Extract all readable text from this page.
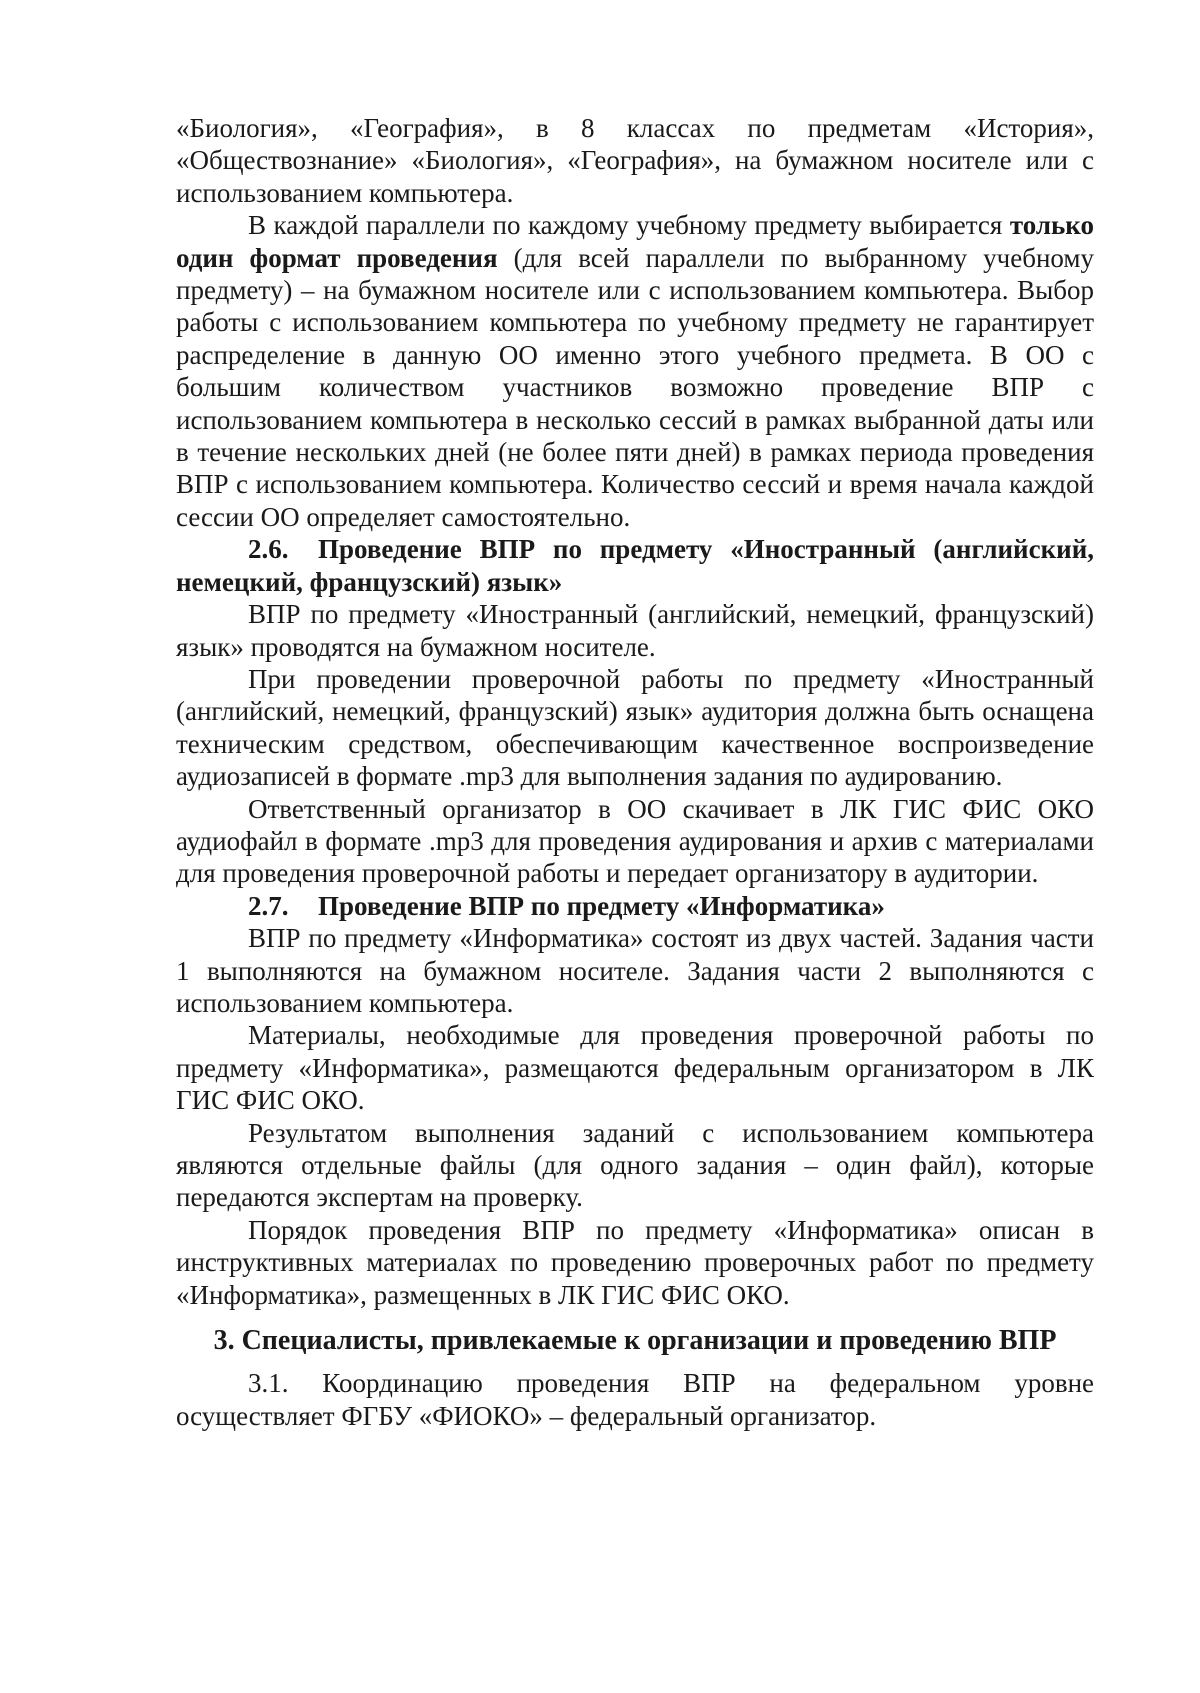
«Биология», «География», в 8 классах по предметам «История», «Обществознание» «Биология», «География», на бумажном носителе или с использованием компьютера.

В каждой параллели по каждому учебному предмету выбирается только один формат проведения (для всей параллели по выбранному учебному предмету) – на бумажном носителе или с использованием компьютера. Выбор работы с использованием компьютера по учебному предмету не гарантирует распределение в данную ОО именно этого учебного предмета. В ОО с большим количеством участников возможно проведение ВПР с использованием компьютера в несколько сессий в рамках выбранной даты или в течение нескольких дней (не более пяти дней) в рамках периода проведения ВПР с использованием компьютера. Количество сессий и время начала каждой сессии ОО определяет самостоятельно.

2.6. Проведение ВПР по предмету «Иностранный (английский, немецкий, французский) язык»

ВПР по предмету «Иностранный (английский, немецкий, французский) язык» проводятся на бумажном носителе.

При проведении проверочной работы по предмету «Иностранный (английский, немецкий, французский) язык» аудитория должна быть оснащена техническим средством, обеспечивающим качественное воспроизведение аудиозаписей в формате .mp3 для выполнения задания по аудированию.

Ответственный организатор в ОО скачивает в ЛК ГИС ФИС ОКО аудиофайл в формате .mp3 для проведения аудирования и архив с материалами для проведения проверочной работы и передает организатору в аудитории.

2.7. Проведение ВПР по предмету «Информатика»

ВПР по предмету «Информатика» состоят из двух частей. Задания части 1 выполняются на бумажном носителе. Задания части 2 выполняются с использованием компьютера.

Материалы, необходимые для проведения проверочной работы по предмету «Информатика», размещаются федеральным организатором в ЛК ГИС ФИС ОКО.

Результатом выполнения заданий с использованием компьютера являются отдельные файлы (для одного задания – один файл), которые передаются экспертам на проверку.

Порядок проведения ВПР по предмету «Информатика» описан в инструктивных материалах по проведению проверочных работ по предмету «Информатика», размещенных в ЛК ГИС ФИС ОКО.

3. Специалисты, привлекаемые к организации и проведению ВПР

3.1. Координацию проведения ВПР на федеральном уровне осуществляет ФГБУ «ФИОКО» – федеральный организатор.
